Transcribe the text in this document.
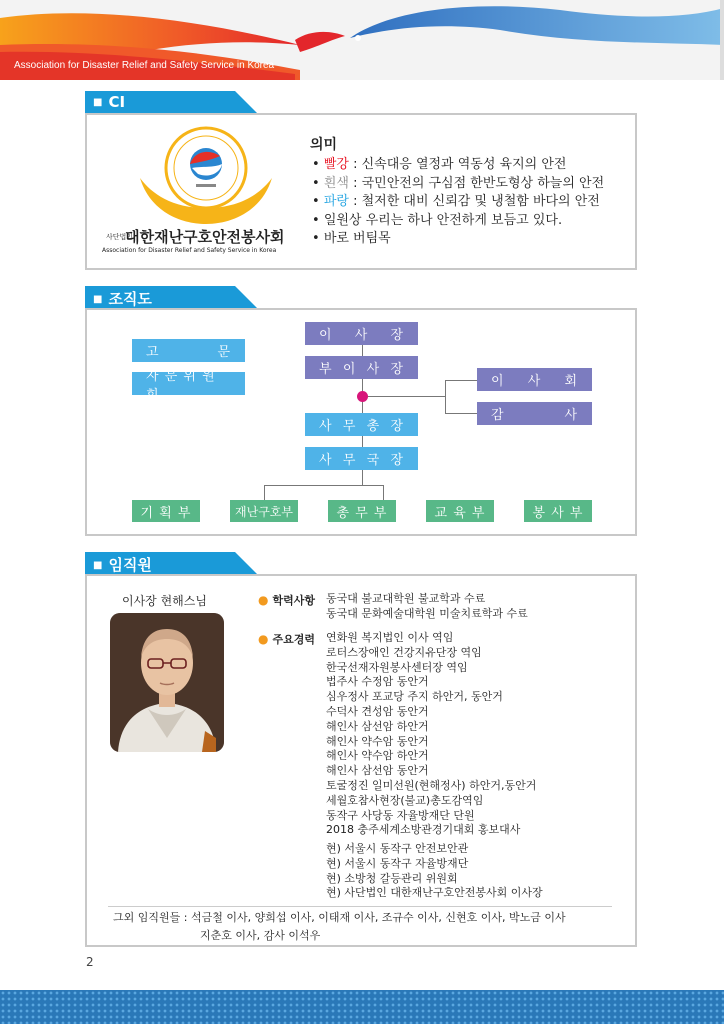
Association for Disaster Relief and Safety Service in Korea
■ CI
사단법인 대한재난구호안전봉사회
Association for Disaster Relief and Safety Service in Korea
의미
• 빨강 : 신속대응 열정과 역동성 육지의 안전
• 흰색 : 국민안전의 구심점 한반도형상 하늘의 안전
• 파랑 : 철저한 대비 신뢰감 및 냉철함 바다의 안전
• 일원상 우리는 하나 안전하게 보듬고 있다.
• 바로 버팀목
■ 조직도
이 사 장
부 이 사 장
고	문
자 문 위 원 회
이 사 회
감	사
사 무 총 장
사 무 국 장
기 획 부	재난구호부	총 무 부	교 육 부	봉 사 부
■ 임직원
이사장 현해스님	● 학력사항 동국대 불교대학원 불교학과 수료
동국대 문화예술대학원 미술치료학과 수료
● 주요경력 연화원 복지법인 이사 역임
로터스장애인 건강지유단장 역임
한국선재자원봉사센터장 역임
법주사 수정암 동안거
심우정사 포교당 주지 하안거, 동안거
수덕사 견성암 동안거
해인사 삼선암 하안거
해인사 약수암 동안거
해인사 약수암 하안거
해인사 삼선암 동안거
토굴정진 일미선원(현해정사) 하안거,동안거
세월호참사현장(불교)총도감역임
동작구 사당동 자율방재단 단원
2018 충주세계소방관경기대회 홍보대사
현) 서울시 동작구 안전보안관
현) 서울시 동작구 자율방재단
현) 소방청 갈등관리 위원회
현) 사단법인 대한재난구호안전봉사회 이사장
그외 임직원들 : 석금철 이사, 양희섭 이사, 이태재 이사, 조규수 이사, 신현호 이사, 박노금 이사
지춘호 이사, 감사 이석우
2
